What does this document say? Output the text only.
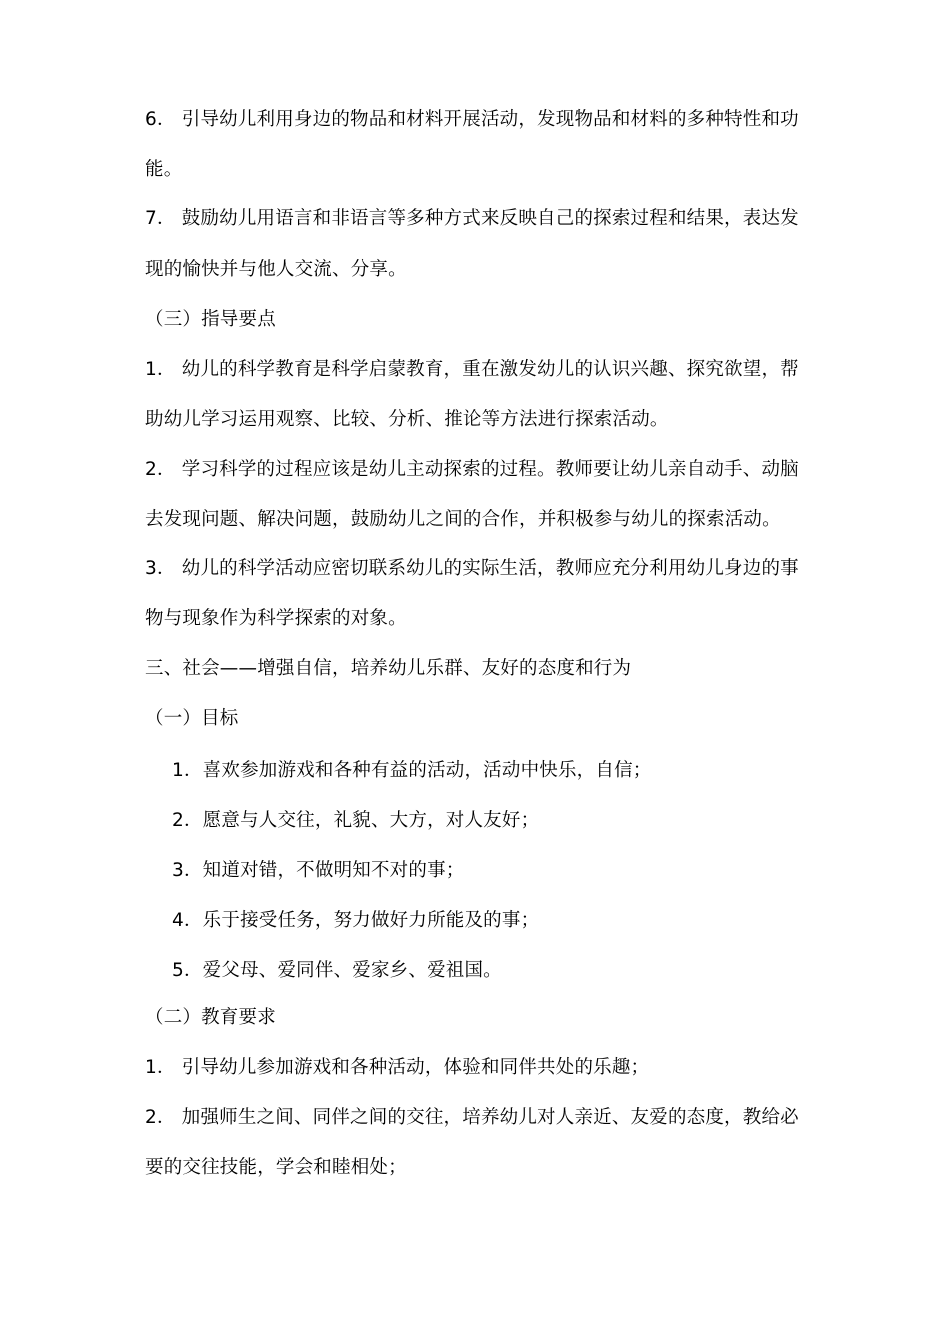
6． 引导幼儿利用身边的物品和材料开展活动，发现物品和材料的多种特性和功
能。
7． 鼓励幼儿用语言和非语言等多种方式来反映自己的探索过程和结果，表达发
现的愉快并与他人交流、分享。
（三）指导要点
1． 幼儿的科学教育是科学启蒙教育，重在激发幼儿的认识兴趣、探究欲望，帮
助幼儿学习运用观察、比较、分析、推论等方法进行探索活动。
2． 学习科学的过程应该是幼儿主动探索的过程。教师要让幼儿亲自动手、动脑
去发现问题、解决问题，鼓励幼儿之间的合作，并积极参与幼儿的探索活动。
3． 幼儿的科学活动应密切联系幼儿的实际生活，教师应充分利用幼儿身边的事
物与现象作为科学探索的对象。
三、社会——增强自信，培养幼儿乐群、友好的态度和行为
（一）目标
1．喜欢参加游戏和各种有益的活动，活动中快乐，自信；
2．愿意与人交往，礼貌、大方，对人友好；
3．知道对错，不做明知不对的事；
4．乐于接受任务，努力做好力所能及的事；
5．爱父母、爱同伴、爱家乡、爱祖国。
（二）教育要求
1． 引导幼儿参加游戏和各种活动，体验和同伴共处的乐趣；
2． 加强师生之间、同伴之间的交往，培养幼儿对人亲近、友爱的态度，教给必
要的交往技能，学会和睦相处；
